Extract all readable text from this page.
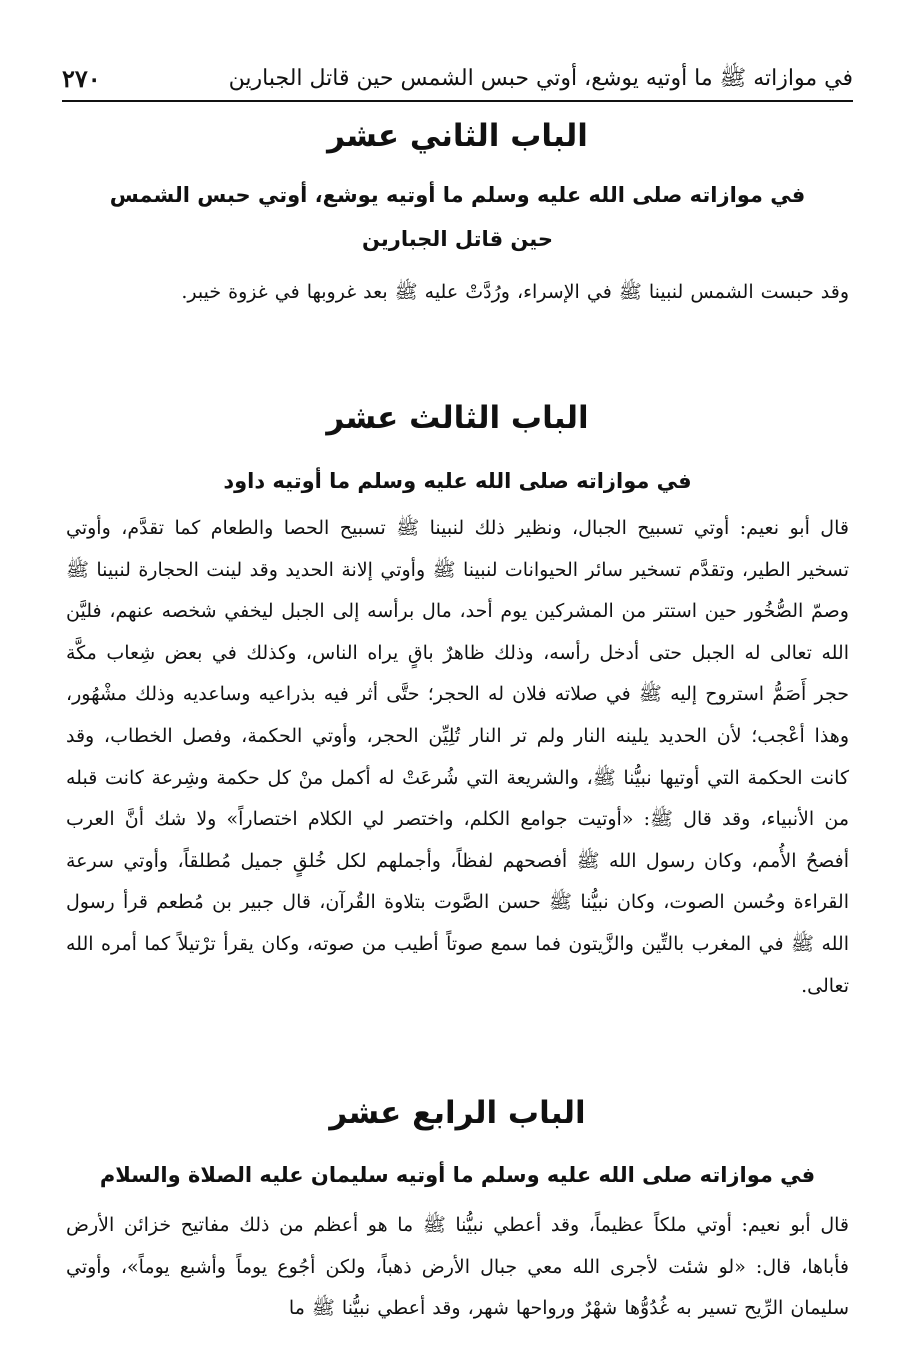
في موازاته ﷺ ما أوتيه يوشع، أوتي حبس الشمس حين قاتل الجبارين
٢٧٠
الباب الثاني عشر
في موازاته صلى الله عليه وسلم ما أوتيه يوشع، أوتي حبس الشمس
حين قاتل الجبارين

وقد حبست الشمس لنبينا ﷺ في الإسراء، ورُدَّتْ عليه ﷺ بعد غروبها في غزوة خيبر.

الباب الثالث عشر
في موازاته صلى الله عليه وسلم ما أوتيه داود

قال أبو نعيم: أوتي تسبيح الجبال، ونظير ذلك لنبينا ﷺ تسبيح الحصا والطعام كما تقدَّم، وأوتي تسخير الطير، وتقدَّم تسخير سائر الحيوانات لنبينا ﷺ وأوتي إلانة الحديد وقد لينت الحجارة لنبينا ﷺ وصمّ الصُّخُور حين استتر من المشركين يوم أحد، مال برأسه إلى الجبل ليخفي شخصه عنهم، فليَّن الله تعالى له الجبل حتى أدخل رأسه، وذلك ظاهرٌ باقٍ يراه الناس، وكذلك في بعض شِعاب مكَّة حجر أَصَمُّ استروح إليه ﷺ في صلاته فلان له الحجر؛ حتَّى أثر فيه بذراعيه وساعديه وذلك مشْهُور، وهذا أعْجب؛ لأن الحديد يلينه النار ولم تر النار تُلِيِّن الحجر، وأوتي الحكمة، وفصل الخطاب، وقد كانت الحكمة التي أوتيها نبيُّنا ﷺ، والشريعة التي شُرعَتْ له أكمل منْ كل حكمة وشِرعة كانت قبله من الأنبياء، وقد قال ﷺ: «أوتيت جوامع الكلم، واختصر لي الكلام اختصاراً» ولا شك أنَّ العرب أفصحُ الأُمم، وكان رسول الله ﷺ أفصحهم لفظاً، وأجملهم لكل خُلقٍ جميل مُطلقاً، وأوتي سرعة القراءة وحُسن الصوت، وكان نبيُّنا ﷺ حسن الصَّوت بتلاوة القُرآن، قال جبير بن مُطعم قرأ رسول الله ﷺ في المغرب بالتِّين والزَّيتون فما سمع صوتاً أطيب من صوته، وكان يقرأ ترْتيلاً كما أمره الله تعالى.

الباب الرابع عشر
في موازاته صلى الله عليه وسلم ما أوتيه سليمان عليه الصلاة والسلام

قال أبو نعيم: أوتي ملكاً عظيماً، وقد أعطي نبيُّنا ﷺ ما هو أعظم من ذلك مفاتيح خزائن الأرض فأباها، قال: «لو شئت لأجرى الله معي جبال الأرض ذهباً، ولكن أجُوع يوماً وأشبع يوماً»، وأوتي سليمان الرِّيح تسير به غُدُوُّها شهْرٌ ورواحها شهر، وقد أعطي نبيُّنا ﷺ ما
